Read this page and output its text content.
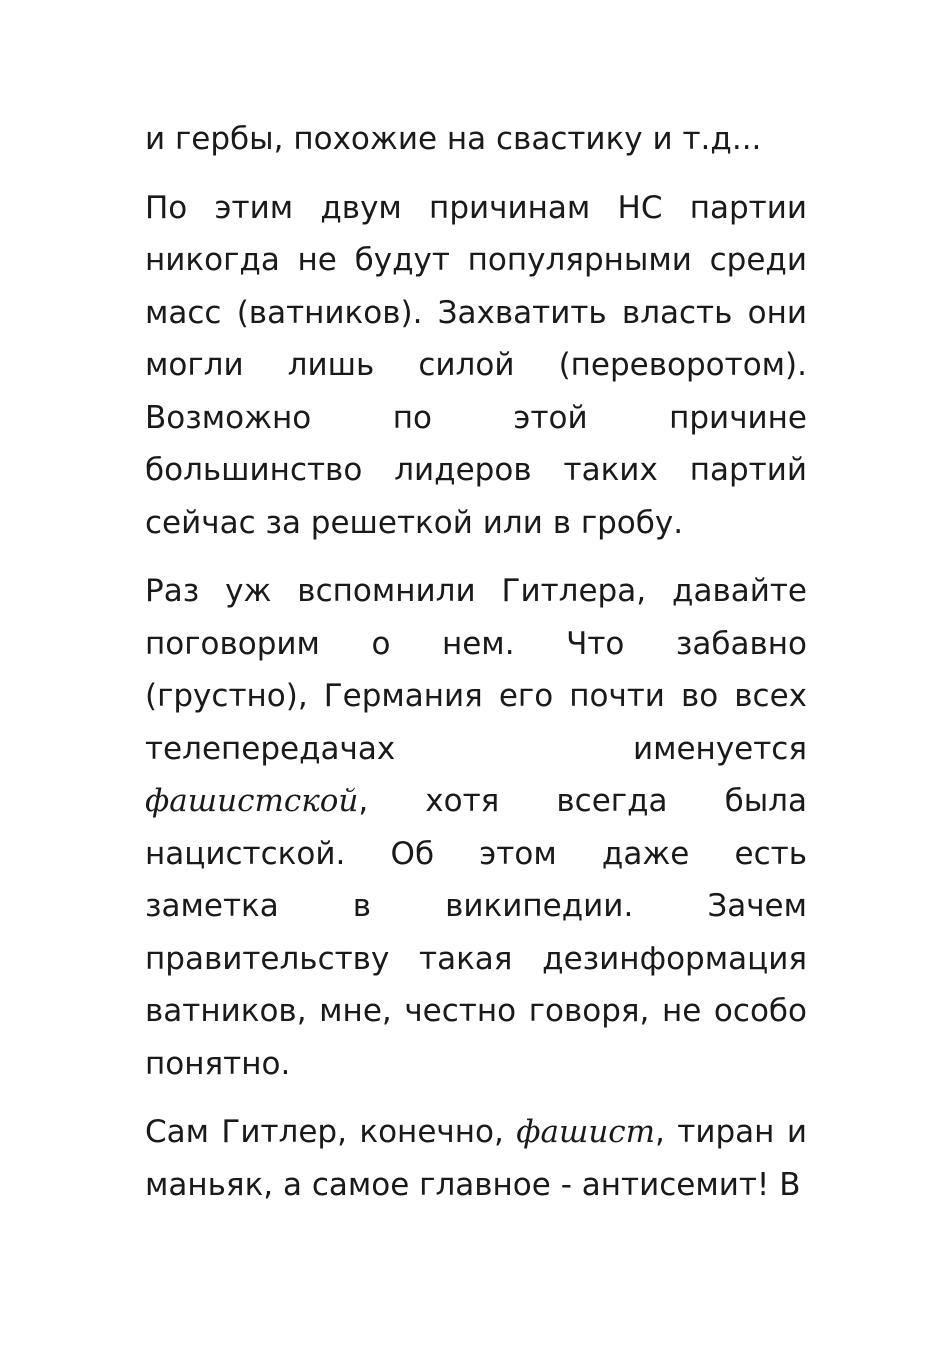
и гербы, похожие на свастику и т.д...

По этим двум причинам НС партии никогда не будут популярными среди масс (ватников). Захватить власть они могли лишь силой (переворотом). Возможно по этой причине большинство лидеров таких партий сейчас за решеткой или в гробу.

Раз уж вспомнили Гитлера, давайте поговорим о нем. Что забавно (грустно), Германия его почти во всех телепередачах именуется фашистской, хотя всегда была нацистской. Об этом даже есть заметка в википедии. Зачем правительству такая дезинформация ватников, мне, честно говоря, не особо понятно.

Сам Гитлер, конечно, фашист, тиран и маньяк, а самое главное - антисемит! В
